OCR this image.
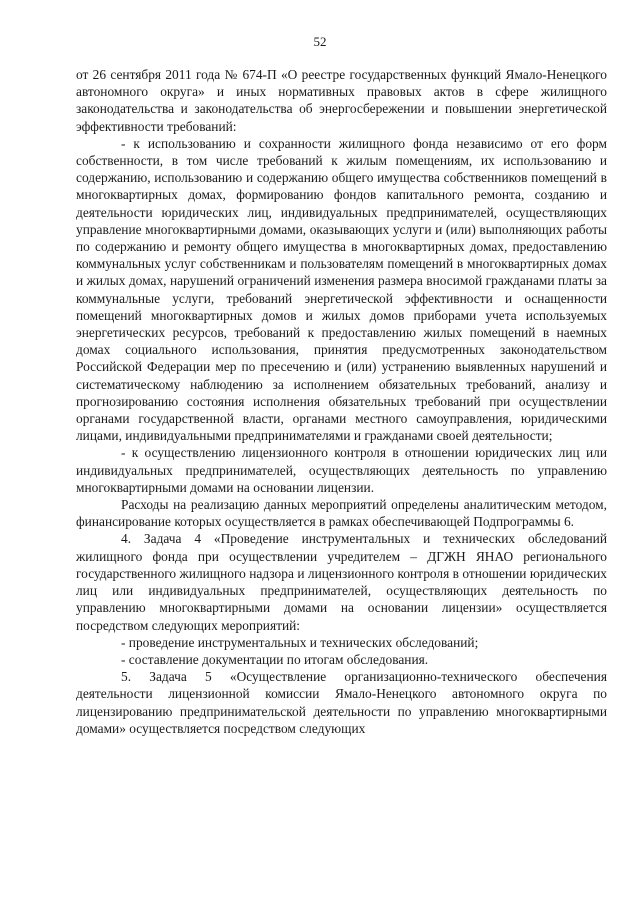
52

от 26 сентября 2011 года № 674-П «О реестре государственных функций Ямало-Ненецкого автономного округа» и иных нормативных правовых актов в сфере жилищного законодательства и законодательства об энергосбережении и повышении энергетической эффективности требований:

- к использованию и сохранности жилищного фонда независимо от его форм собственности, в том числе требований к жилым помещениям, их использованию и содержанию, использованию и содержанию общего имущества собственников помещений в многоквартирных домах, формированию фондов капитального ремонта, созданию и деятельности юридических лиц, индивидуальных предпринимателей, осуществляющих управление многоквартирными домами, оказывающих услуги и (или) выполняющих работы по содержанию и ремонту общего имущества в многоквартирных домах, предоставлению коммунальных услуг собственникам и пользователям помещений в многоквартирных домах и жилых домах, нарушений ограничений изменения размера вносимой гражданами платы за коммунальные услуги, требований энергетической эффективности и оснащенности помещений многоквартирных домов и жилых домов приборами учета используемых энергетических ресурсов, требований к предоставлению жилых помещений в наемных домах социального использования, принятия предусмотренных законодательством Российской Федерации мер по пресечению и (или) устранению выявленных нарушений и систематическому наблюдению за исполнением обязательных требований, анализу и прогнозированию состояния исполнения обязательных требований при осуществлении органами государственной власти, органами местного самоуправления, юридическими лицами, индивидуальными предпринимателями и гражданами своей деятельности;

- к осуществлению лицензионного контроля в отношении юридических лиц или индивидуальных предпринимателей, осуществляющих деятельность по управлению многоквартирными домами на основании лицензии.

Расходы на реализацию данных мероприятий определены аналитическим методом, финансирование которых осуществляется в рамках обеспечивающей Подпрограммы 6.

4. Задача 4 «Проведение инструментальных и технических обследований жилищного фонда при осуществлении учредителем – ДГЖН ЯНАО регионального государственного жилищного надзора и лицензионного контроля в отношении юридических лиц или индивидуальных предпринимателей, осуществляющих деятельность по управлению многоквартирными домами на основании лицензии» осуществляется посредством следующих мероприятий:

- проведение инструментальных и технических обследований;

- составление документации по итогам обследования.

5. Задача 5 «Осуществление организационно-технического обеспечения деятельности лицензионной комиссии Ямало-Ненецкого автономного округа по лицензированию предпринимательской деятельности по управлению многоквартирными домами» осуществляется посредством следующих
